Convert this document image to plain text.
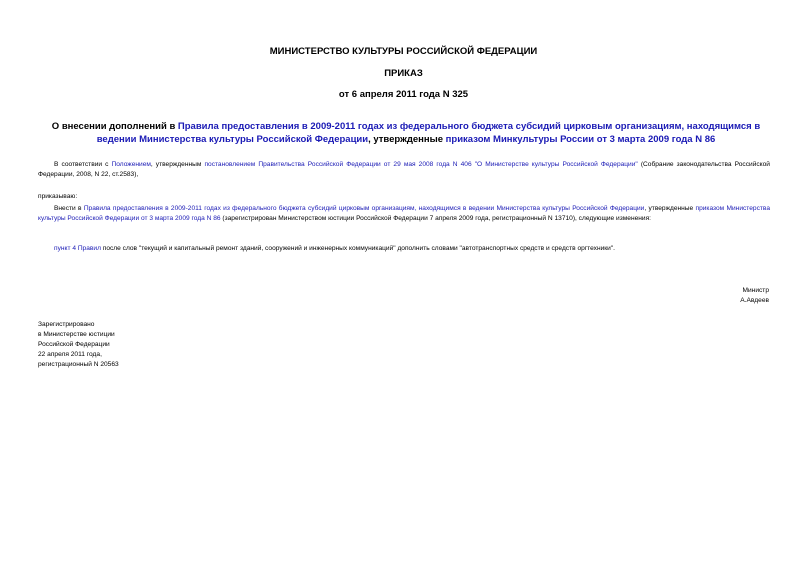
МИНИСТЕРСТВО КУЛЬТУРЫ РОССИЙСКОЙ ФЕДЕРАЦИИ
ПРИКАЗ
от 6 апреля 2011 года N 325
О внесении дополнений в Правила предоставления в 2009-2011 годах из федерального бюджета субсидий цирковым организациям, находящимся в ведении Министерства культуры Российской Федерации, утвержденные приказом Минкультуры России от 3 марта 2009 года N 86
В соответствии с Положением, утвержденным постановлением Правительства Российской Федерации от 29 мая 2008 года N 406 "О Министерстве культуры Российской Федерации" (Собрание законодательства Российской Федерации, 2008, N 22, ст.2583),
приказываю:
Внести в Правила предоставления в 2009-2011 годах из федерального бюджета субсидий цирковым организациям, находящимся в ведении Министерства культуры Российской Федерации, утвержденные приказом Министерства культуры Российской Федерации от 3 марта 2009 года N 86 (зарегистрирован Министерством юстиции Российской Федерации 7 апреля 2009 года, регистрационный N 13710), следующие изменения:
пункт 4 Правил после слов "текущий и капитальный ремонт зданий, сооружений и инженерных коммуникаций" дополнить словами "автотранспортных средств и средств оргтехники".
Министр
А.Авдеев
Зарегистрировано
в Министерстве юстиции
Российской Федерации
22 апреля 2011 года,
регистрационный N 20563
